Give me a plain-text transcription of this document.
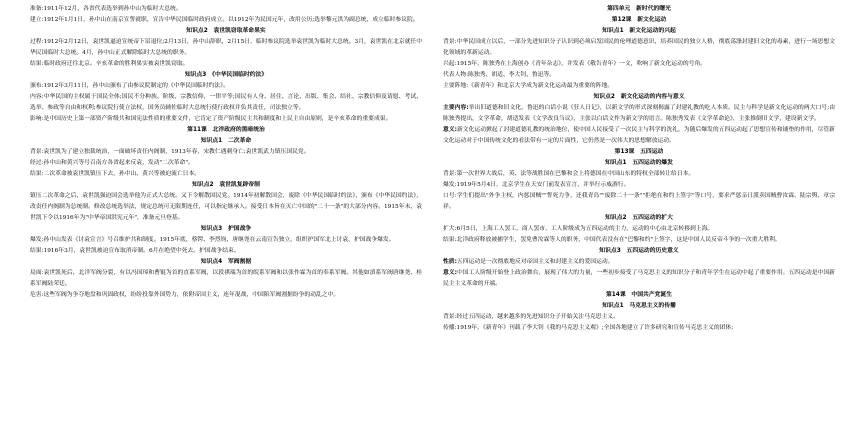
准备:1911年12月，各省代表选举到孙中山为临时大总统。
建立:1912年1月1日，孙中山在南京宣誓就职，宣告中华民国临时政府成立。以1912年为民国元年，改用公历;选举黎元洪为副总统，成立临时参议院。
知识点2　袁世凯窃取革命果实
过程:1912年2月12日，袁世凯逼迫宣统帝下诏退位;2月13日，孙中山辞职，2月15日，临时参议院选举袁世凯为临时大总统。3月，袁世凯在北京就任中华民国临时大总统。4月，孙中山正式解除临时大总统的职务。
结果:临时政府迁往北京。辛亥革命的胜利果实被袁世凯窃取。
知识点3　《中华民国临时约法》
颁布:1912年3月11日，孙中山颁布了由参议院制定的《中华民国临时约法》。
内容:中华民国的主权属于国民全体;国民不分种族、阶级、宗教信仰，一律平等;国民有人身、居住、言论、出版、集会、结社、宗教信仰及请愿、考试、选举、参政等自由和权利;参议院行使立法权，国务员辅佐临时大总统行使行政权并负其责任，司法独立等。
影响:是中国历史上第一部资产阶级共和国宪法性质的重要文件，它肯定了资产阶级民主共和制度和上民主自由原则，是辛亥革命的重要成果。
第11课　北洋政府的黑暗统治
知识点1　二次革命
背景:袁世凯为了建立独裁统治，一面破坏责任内阁制，1913年春，宋教仁遇刺身亡;袁世凯武力镇压国民党。
经过:孙中山和黄兴等号召南方各省起来反袁，发动"二次革命"。
结果:二次革命被袁世凯镇压下去，孙中山、黄兴等被迫流亡日本。
知识点2　袁世凯复辟帝制
镇压二次革命之后，袁世凯强迫国会选举他为正式大总统。又下令解散国民党。1914年初解散国会，废除《中华民国临时约法》，颁布《中华民国约法》，改责任内阁制为总统制。修改总统选举法，规定总统可无限期连任，可以指定继承人。接受日本旨在灭亡中国的"二十一条"的大部分内容。1915年末，袁世凯下令以1916年为"中华帝国洪宪元年"，准备元旦登基。
知识点3　护国战争
爆发:孙中山发表《讨袁宣言》号召维护共和制度。1915年底，蔡锷、李烈钧、唐继尧在云南宣告独立，组织护国军北上讨袁，护国战争爆发。
结果:1916年3月，袁世凯被迫宣布取消帝制。6月在绝望中死去。护国战争结束。
知识点4　军阀割据
局面:袁世凯死后，北洋军阀分裂，有以冯国璋和曹锟为首的直系军阀，以段祺瑞为首的皖系军阀和以张作霖为首的奉系军阀。其他如滇系军阀唐继尧、桂系军阀陆荣廷。
危害:这些军阀为争夺地盘和巩固政权，纷纷投靠外国势力，依附帝国主义，连年混战，中国陷军阀割据纷争的动乱之中。
第四单元　新时代的曙光
第12课　新文化运动
知识点1　新文化运动的兴起
背景:中华民国成立以后，一部分先进知识分子认识到必须启发国民的伦理道德意识，培养国民的独立人格，彻底荡涤封建旧文化的毒素，进行一场思想文化领域的革新运动。
兴起:1915年，陈独秀在上海创办《青年杂志》，并发表《敬告青年》一文，吹响了新文化运动的号角。
代表人物:陈独秀、胡适、李大钊、鲁迅等。
主要阵地:《新青年》和北京大学成为新文化运动最为重要的阵地。
知识点2　新文化运动的内容与意义
主要内容:举出旧道德和旧文化，鲁迅的白话小说《狂人日记》，以新文学的形式深刻揭露了封建礼教的吃人本质。民主与科学是新文化运动的两大口号;由陈独秀提出，文学革命，胡适发表《文学改良刍议》，主张以白话文作为新文学的语言。陈独秀发表《文学革命论》，主张推倒旧文学，建设新文学。
意义:新文化运动掀起了封建道德礼教的统治地位，使中国人民接受了一次民主与科学的洗礼，为随后爆发的五四运动起了思想宣传和铺垫的作用，尽管新文化运动对于中国传统文化的看法带有一定的片面性，它仍然是一次伟大的思想解放运动。
第13课　五四运动
知识点1　五四运动的爆发
背景:第一次世界大战后，英、法等战胜国在巴黎和会上将德国在中国山东的特权全部转让给日本。
爆发:1919年5月4日，北京学生在天安门前发表宣言，并举行示威游行。
口号:学生们提出"外争主权，内惩国贼""誓死力争，还我青岛""废除二十一条""拒绝在和约上签字"等口号，要求严惩亲日派卖国贼曹汝霖、陆宗舆、章宗祥。
知识点2　五四运动的扩大
扩大:6月5日，上海工人罢工，商人罢市，工人阶级成为五四运动的主力，运动的中心由北京转移到上海。
结果:北洋政府释放被捕学生，罢免曹汝霖等人的职务，中国代表没有在"巴黎和约"上签字，这是中国人民反帝斗争的一次重大胜利。
知识点3　五四运动的历史意义
性质:五四运动是一次彻底地反对帝国主义和封建主义的爱国运动。
意义:中国工人阶级开始登上政治舞台，展现了伟大的力量，一些初步接受了马克思主义的知识分子和青年学生在运动中起了重要作用。五四运动是中国新民主主义革命的开端。
第14课　中国共产党诞生
知识点1　马克思主义的传播
背景:经过五四运动，越来越多的先进知识分子开始关注马克思主义。
传播:1919年，《新青年》刊载了李大钊《我的马克思主义观》;全国各地建立了许多研究和宣传马克思主义的团体;
